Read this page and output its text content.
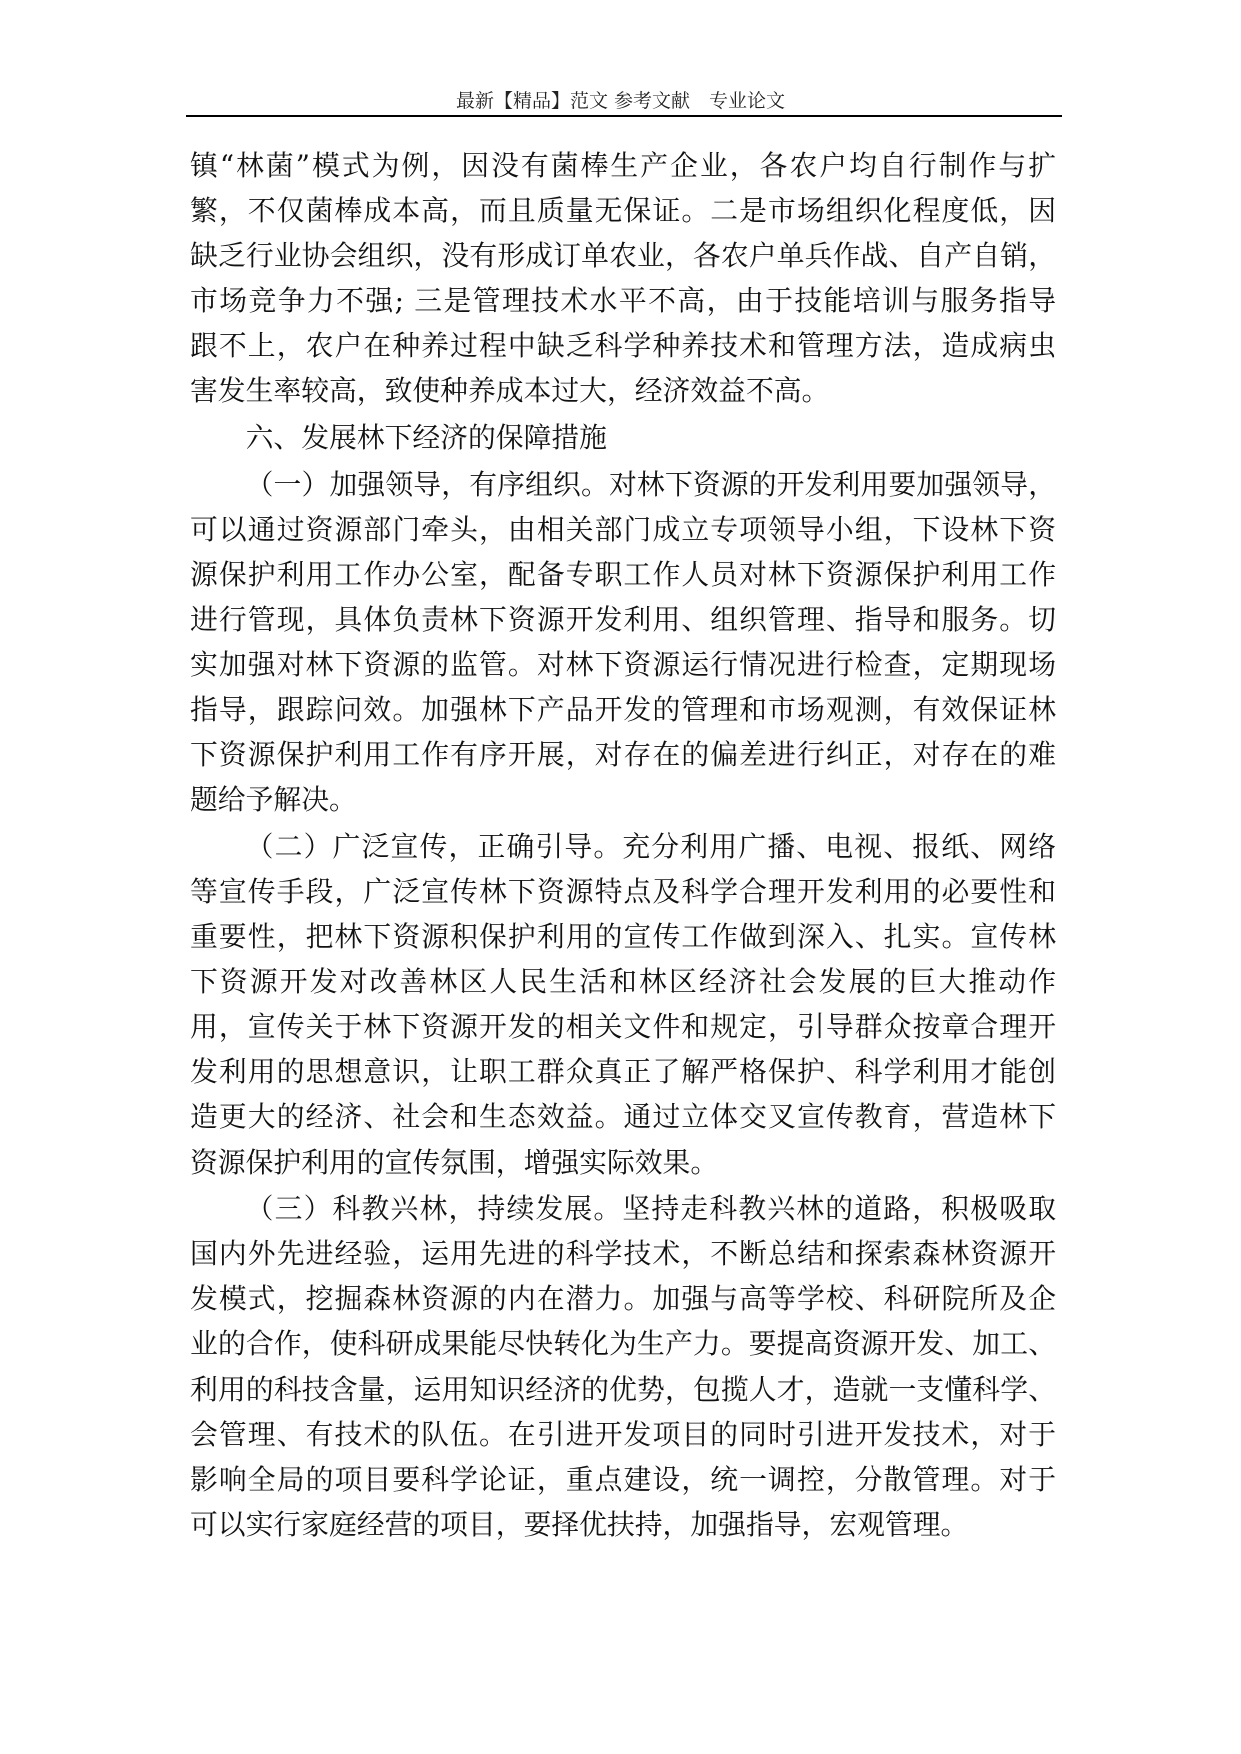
最新【精品】范文 参考文献　专业论文
镇“林菌”模式为例，因没有菌棒生产企业，各农户均自行制作与扩
繁，不仅菌棒成本高，而且质量无保证。二是市场组织化程度低，因
缺乏行业协会组织，没有形成订单农业，各农户单兵作战、自产自销，
市场竞争力不强; 三是管理技术水平不高，由于技能培训与服务指导
跟不上，农户在种养过程中缺乏科学种养技术和管理方法，造成病虫
害发生率较高，致使种养成本过大，经济效益不高。
六、发展林下经济的保障措施
（一）加强领导，有序组织。对林下资源的开发利用要加强领导，
可以通过资源部门牵头，由相关部门成立专项领导小组，下设林下资
源保护利用工作办公室，配备专职工作人员对林下资源保护利用工作
进行管现，具体负责林下资源开发利用、组织管理、指导和服务。切
实加强对林下资源的监管。对林下资源运行情况进行检查，定期现场
指导，跟踪问效。加强林下产品开发的管理和市场观测，有效保证林
下资源保护利用工作有序开展，对存在的偏差进行纠正，对存在的难
题给予解决。
（二）广泛宣传，正确引导。充分利用广播、电视、报纸、网络
等宣传手段，广泛宣传林下资源特点及科学合理开发利用的必要性和
重要性，把林下资源积保护利用的宣传工作做到深入、扎实。宣传林
下资源开发对改善林区人民生活和林区经济社会发展的巨大推动作
用，宣传关于林下资源开发的相关文件和规定，引导群众按章合理开
发利用的思想意识，让职工群众真正了解严格保护、科学利用才能创
造更大的经济、社会和生态效益。通过立体交叉宣传教育，营造林下
资源保护利用的宣传氛围，增强实际效果。
（三）科教兴林，持续发展。坚持走科教兴林的道路，积极吸取
国内外先进经验，运用先进的科学技术，不断总结和探索森林资源开
发模式，挖掘森林资源的内在潜力。加强与高等学校、科研院所及企
业的合作，使科研成果能尽快转化为生产力。要提高资源开发、加工、
利用的科技含量，运用知识经济的优势，包揽人才，造就一支懂科学、
会管理、有技术的队伍。在引进开发项目的同时引进开发技术，对于
影响全局的项目要科学论证，重点建设，统一调控，分散管理。对于
可以实行家庭经营的项目，要择优扶持，加强指导，宏观管理。
